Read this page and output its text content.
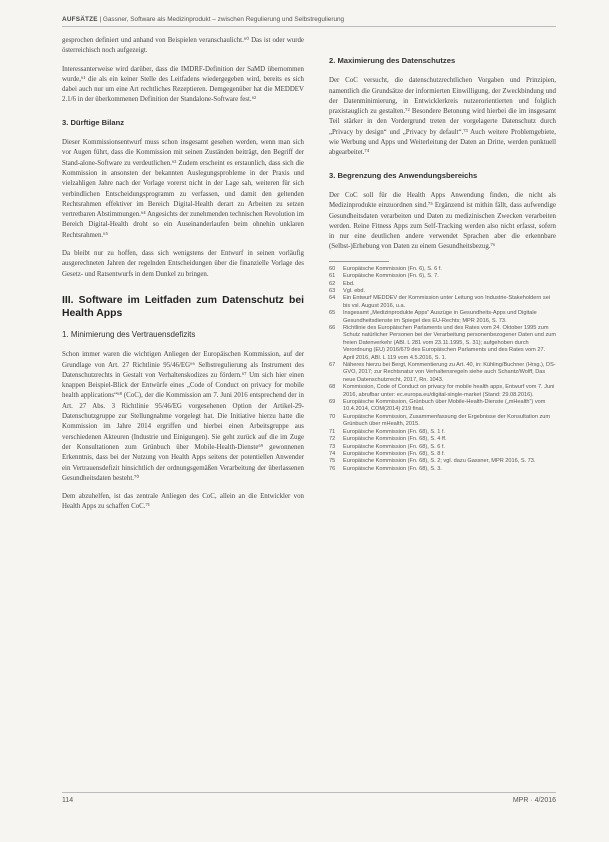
AUFSÄTZE | Gassner, Software als Medizinprodukt – zwischen Regulierung und Selbstregulierung

gesprochen definiert und anhand von Beispielen veranschaulicht.⁶⁰ Das ist oder wurde österreichisch noch aufgezeigt.

Interessanterweise wird darüber, dass die IMDRF-Definition der SaMD übernommen wurde,⁶¹ die als ein keiner Stelle des Leitfadens wiedergegeben wird, bereits es sich dabei auch nur um eine Art rechtliches Rezeptieren. Demgegenüber hat die MEDDEV 2.1/6 in der überkommenen Definition der Standalone-Software fest.⁶²

3. Dürftige Bilanz

Dieser Kommissionsentwurf muss schon insgesamt gesehen werden, wenn man sich vor Augen führt, dass die Kommission mit seinen Zuständen beiträgt, den Begriff der Stand-alone-Software zu verdeutlichen.⁶³ Zudem erscheint es erstaunlich, dass sich die Kommission in ansonsten der bekannten Auslegungsprobleme in der Praxis und vielzahligen Jahre nach der Vorlage vorerst nicht in der Lage sah, weiteren für sich verbindlichen Entscheidungsprogramm zu verfassen, und damit den geltenden Rechtsrahmen effektiver im Bereich Digital-Health derart zu Arbeiten zu setzen vertretbaren Abstimmungen.⁶⁴ Angesichts der zunehmenden technischen Revolution im Bereich Digital-Health droht so ein Auseinanderlaufen beim ohnehin unklaren Rechtsrahmen.⁶⁵

Da bleibt nur zu hoffen, dass sich wenigstens der Entwurf in seinen vorläufig ausgerechneten Jahren der regelnden Entscheidungen über die finanzielle Vorlage des Gesetz- und Ratsentwurfs in dem Dunkel zu bringen.

III. Software im Leitfaden zum Datenschutz bei Health Apps
1. Minimierung des Vertrauensdefizits

Schon immer waren die wichtigen Anliegen der Europäischen Kommission, auf der Grundlage von Art. 27 Richtlinie 95/46/EG⁶⁶ Selbstregulierung als Instrument des Datenschutzrechts in Gestalt von Verhaltenskodizes zu fördern.⁶⁷ Um sich hier einen knappen Beispiel-Blick der Entwürfe eines „Code of Conduct on privacy for mobile health applications“⁶⁸ (CoC), der die Kommission am 7. Juni 2016 entsprechend der in Art. 27 Abs. 3 Richtlinie 95/46/EG vorgesehenen Option der Artikel-29-Datenschutzgruppe zur Stellungnahme vorgelegt hat. Die Initiative hierzu hatte die Kommission im Jahre 2014 ergriffen und hierbei einen Arbeitsgruppe aus verschiedenen Akteuren (Industrie und Einigungen). Sie geht zurück auf die im Zuge der Konsultationen zum Grünbuch über Mobile-Health-Dienste⁶⁹ gewonnenen Erkenntnis, dass bei der Nutzung von Health Apps seitens der potentiellen Anwender ein Vertrauensdefizit hinsichtlich der ordnungsgemäßen Verarbeitung der überlassenen Gesundheitsdaten besteht.⁷⁰

Dem abzuhelfen, ist das zentrale Anliegen des CoC, allein an die Entwickler von Health Apps zu schaffen CoC.⁷¹

2. Maximierung des Datenschutzes

Der CoC versucht, die datenschutzrechtlichen Vorgaben und Prinzipien, namentlich die Grundsätze der informierten Einwilligung, der Zweckbindung und der Datenminimierung, in Entwicklerkreis nutzerorientierten und folglich praxistauglich zu gestalten.⁷² Besondere Betonung wird hierbei die im insgesamt Teil stärker in den Vordergrund treten der vorgelagerte Datenschutz durch „Privacy by design“ und „Privacy by default“.⁷³ Auch weitere Problemgebiete, wie Werbung und Apps und Weiterleitung der Daten an Dritte, werden punktuell abgearbeitet.⁷⁴

3. Begrenzung des Anwendungsbereichs

Der CoC soll für die Health Apps Anwendung finden, die nicht als Medizinprodukte einzuordnen sind.⁷⁵ Ergänzend ist mithin fällt, dass aufwendige Gesundheitsdaten verarbeiten und Daten zu medizinischen Zwecken verarbeiten werden. Reine Fitness Apps zum Self-Tracking werden also nicht erfasst, sofern in nur eine deutlichen andere verwendet Sprachen aber die erkennbare (Selbst-)Erhebung von Daten zu einem Gesundheitsbezug.⁷⁶

60	Europäische Kommission (Fn. 6), S. 6 f.
61	Europäische Kommission (Fn. 6), S. 7.
62	Ebd.
63	Vgl. ebd.
64	Ein Entwurf MEDDEV der Kommission unter Leitung von Industrie-Stakeholdern sei bis vsl. August 2016, u.a.
65	Insgesamt „Medizinprodukte Apps“ Auszüge in Gesundheits-Apps und Digitale Gesundheitsdienste im Spiegel des EU-Rechts; MPR 2016, S. 73.
66	Richtlinie des Europäischen Parlaments und des Rates vom 24. Oktober 1995 zum Schutz natürlicher Personen bei der Verarbeitung personenbezogener Daten und zum freien Datenverkehr (ABl. L 281 vom 23.11.1995, S. 31); aufgehoben durch Verordnung (EU) 2016/679 des Europäischen Parlaments und des Rates vom 27. April 2016, ABl. L 119 vom 4.5.2016, S. 1.
67	Näheres hierzu bei Bergt, Kommentierung zu Art. 40, in: Kühling/Buchner (Hrsg.), DS-GVO, 2017; zur Rechtsnatur von Verhaltensregeln siehe auch Schantz/Wolff, Das neue Datenschutzrecht, 2017, Rn. 1043.
68	Kommission, Code of Conduct on privacy for mobile health apps, Entwurf vom 7. Juni 2016, abrufbar unter: ec.europa.eu/digital-single-market (Stand: 29.08.2016).
69	Europäische Kommission, Grünbuch über Mobile-Health-Dienste („mHealth“) vom 10.4.2014, COM(2014) 219 final.
70	Europäische Kommission, Zusammenfassung der Ergebnisse der Konsultation zum Grünbuch über mHealth, 2015.
71	Europäische Kommission (Fn. 68), S. 1 f.
72	Europäische Kommission (Fn. 68), S. 4 ff.
73	Europäische Kommission (Fn. 68), S. 6 f.
74	Europäische Kommission (Fn. 68), S. 8 f.
75	Europäische Kommission (Fn. 68), S. 2; vgl. dazu Gassner, MPR 2016, S. 73.
76	Europäische Kommission (Fn. 68), S. 3.
114	MPR · 4/2016
